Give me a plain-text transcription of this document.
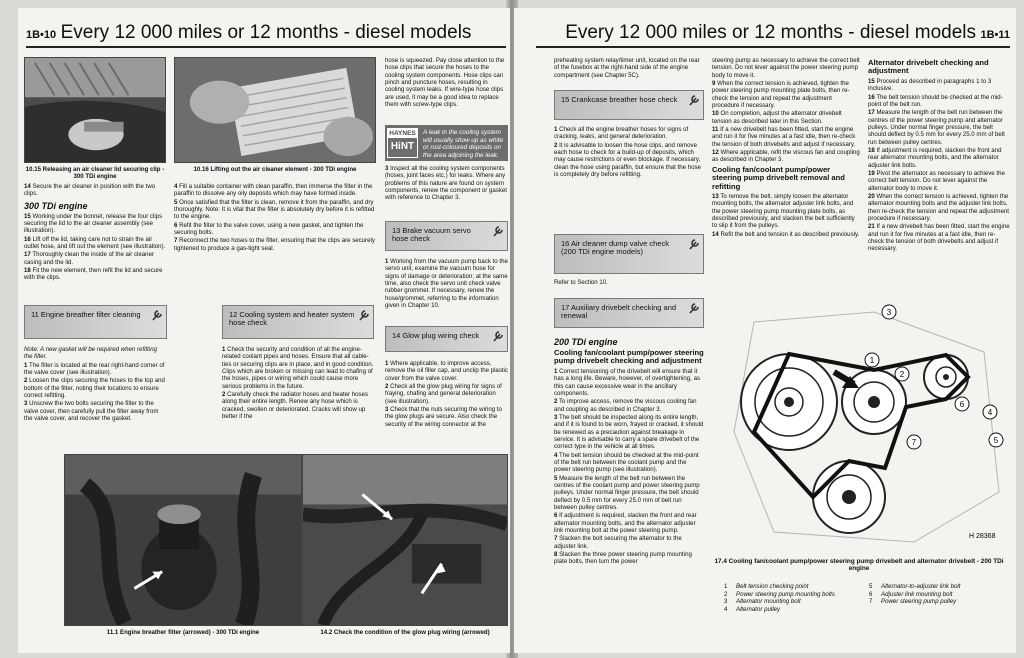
1B•10 Every 12 000 miles or 12 months - diesel models
10.15 Releasing an air cleaner lid securing clip - 300 TDi engine
10.16 Lifting out the air cleaner element - 300 TDi engine

14 Secure the air cleaner in position with the two clips.

300 TDi engine

15 Working under the bonnet, release the four clips securing the lid to the air cleaner assembly (see illustration).

16 Lift off the lid, taking care not to strain the air outlet hose, and lift out the element (see illustration).

17 Thoroughly clean the inside of the air cleaner casing and the lid.

18 Fit the new element, then refit the lid and secure with the clips.

11 Engine breather filter cleaning

Note: A new gasket will be required when refitting the filter.

1 The filter is located at the rear right-hand corner of the valve cover (see illustration).

2 Loosen the clips securing the hoses to the top and bottom of the filter, noting their locations to ensure correct refitting.

3 Unscrew the two bolts securing the filter to the valve cover, then carefully pull the filter away from the valve cover, and recover the gasket.

4 Fill a suitable container with clean paraffin, then immerse the filter in the paraffin to dissolve any oily deposits which may have formed inside.

5 Once satisfied that the filter is clean, remove it from the paraffin, and dry thoroughly. Note: It is vital that the filter is absolutely dry before it is refitted to the engine.

6 Refit the filter to the valve cover, using a new gasket, and tighten the securing bolts.

7 Reconnect the two hoses to the filter, ensuring that the clips are securely tightened to produce a gas-tight seal.

12 Cooling system and heater system hose check

1 Check the security and condition of all the engine-related coolant pipes and hoses. Ensure that all cable-ties or securing clips are in place, and in good condition. Clips which are broken or missing can lead to chafing of the hoses, pipes or wiring which could cause more serious problems in the future.

2 Carefully check the radiator hoses and heater hoses along their entire length. Renew any hose which is cracked, swollen or deteriorated. Cracks will show up better if the

hose is squeezed. Pay close attention to the hose clips that secure the hoses to the cooling system components. Hose clips can pinch and puncture hoses, resulting in cooling system leaks. If wire-type hose clips are used, it may be a good idea to replace them with screw-type clips.

HAYNES
HiNT
A leak in the cooling system will usually show up as white or rust-coloured deposits on the area adjoining the leak.

3 Inspect all the cooling system components (hoses, joint faces etc.) for leaks. Where any problems of this nature are found on system components, renew the component or gasket with reference to Chapter 3.

13 Brake vacuum servo hose check

1 Working from the vacuum pump back to the servo unit, examine the vacuum hose for signs of damage or deterioration; at the same time, also check the servo unit check valve rubber grommet. If necessary, renew the hose/grommet, referring to the information given in Chapter 10.

14 Glow plug wiring check

1 Where applicable, to improve access, remove the oil filler cap, and unclip the plastic cover from the valve cover.

2 Check all the glow plug wiring for signs of fraying, chafing and general deterioration (see illustration).

3 Check that the nuts securing the wiring to the glow plugs are secure. Also check the security of the wiring connector at the

11.1 Engine breather filter (arrowed) - 300 TDi engine	14.2 Check the condition of the glow plug wiring (arrowed)
Every 12 000 miles or 12 months - diesel models 1B•11

preheating system relay/timer unit, located on the rear of the fusebox at the right-hand side of the engine compartment (see Chapter 5C).

15 Crankcase breather hose check

1 Check all the engine breather hoses for signs of cracking, leaks, and general deterioration.

2 It is advisable to loosen the hose clips, and remove each hose to check for a build-up of deposits, which may cause restrictions or even blockage. If necessary, clean the hose using paraffin, but ensure that the hose is completely dry before refitting.

16 Air cleaner dump valve check (200 TDi engine models)

Refer to Section 10.

17 Auxiliary drivebelt checking and renewal
200 TDi engine
Cooling fan/coolant pump/power steering pump drivebelt checking and adjustment

1 Correct tensioning of the drivebelt will ensure that it has a long life. Beware, however, of overtightening, as this can cause excessive wear in the ancillary components.

2 To improve access, remove the viscous cooling fan and coupling as described in Chapter 3.

3 The belt should be inspected along its entire length, and if it is found to be worn, frayed or cracked, it should be renewed as a precaution against breakage in service. It is advisable to carry a spare drivebelt of the correct type in the vehicle at all times.

4 The belt tension should be checked at the mid-point of the belt run between the coolant pump and the power steering pump (see illustration).

5 Measure the length of the belt run between the centres of the coolant pump and power steering pump pulleys. Under normal finger pressure, the belt should deflect by 0.5 mm for every 25.0 mm of belt run between pulley centres.

6 If adjustment is required, slacken the front and rear alternator mounting bolts, and the alternator adjuster link mounting bolt at the power steering pump.

7 Slacken the bolt securing the alternator to the adjuster link.

8 Slacken the three power steering pump mounting plate bolts, then turn the power

steering pump as necessary to achieve the correct belt tension. Do not lever against the power steering pump body to move it.

9 When the correct tension is achieved, tighten the power steering pump mounting plate bolts, then re-check the tension and repeat the adjustment procedure if necessary.

10 On completion, adjust the alternator drivebelt tension as described later in this Section.

11 If a new drivebelt has been fitted, start the engine and run it for five minutes at a fast idle, then re-check the tension of both drivebelts and adjust if necessary.

12 Where applicable, refit the viscous fan and coupling as described in Chapter 3.

Cooling fan/coolant pump/power steering pump drivebelt removal and refitting

13 To remove the belt, simply loosen the alternator mounting bolts, the alternator adjuster link bolts, and the power steering pump mounting plate bolts, as described previously, and slacken the belt sufficiently to slip it from the pulleys.

14 Refit the belt and tension it as described previously.

Alternator drivebelt checking and adjustment

15 Proceed as described in paragraphs 1 to 3 inclusive.

16 The belt tension should be checked at the mid-point of the belt run.

17 Measure the length of the belt run between the centres of the power steering pump and alternator pulleys. Under normal finger pressure, the belt should deflect by 0.5 mm for every 25.0 mm of belt run between pulley centres.

18 If adjustment is required, slacken the front and rear alternator mounting bolts, and the alternator adjuster link bolts.

19 Pivot the alternator as necessary to achieve the correct belt tension. Do not lever against the alternator body to move it.

20 When the correct tension is achieved, tighten the alternator mounting bolts and the adjuster link bolts, then re-check the tension and repeat the adjustment procedure if necessary.

21 If a new drivebelt has been fitted, start the engine and run it for five minutes at a fast idle, then re-check the tension of both drivebelts and adjust if necessary.

1
2
3
4
5
6
7
H 28368
17.4 Cooling fan/coolant pump/power steering pump drivebelt and alternator drivebelt - 200 TDi engine
1 Belt tension checking point
2 Power steering pump mounting bolts
3 Alternator mounting bolt
4 Alternator pulley
5 Alternator-to-adjuster link bolt
6 Adjuster link mounting bolt
7 Power steering pump pulley
